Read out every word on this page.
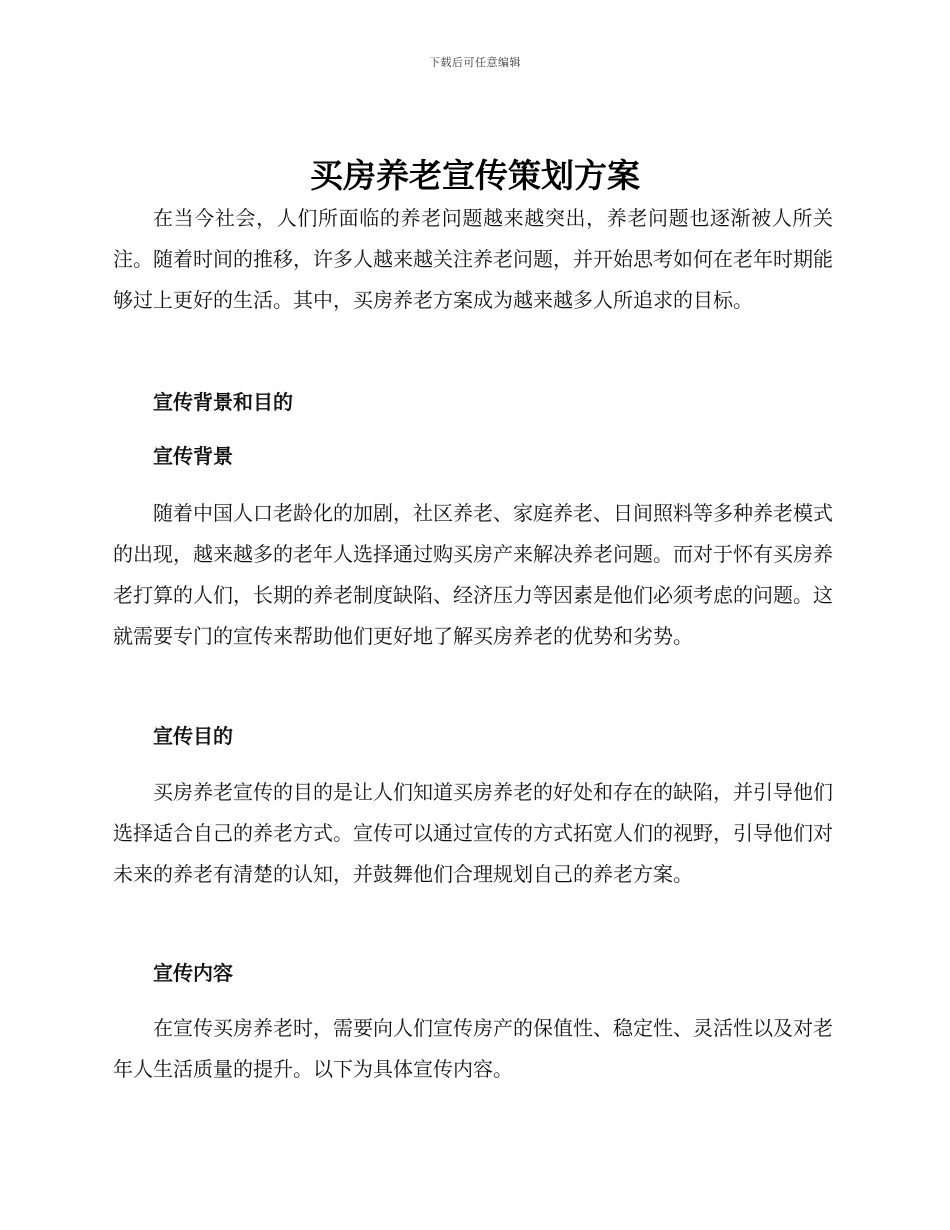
下载后可任意编辑
买房养老宣传策划方案

在当今社会，人们所面临的养老问题越来越突出，养老问题也逐渐被人所关注。随着时间的推移，许多人越来越关注养老问题，并开始思考如何在老年时期能够过上更好的生活。其中，买房养老方案成为越来越多人所追求的目标。

宣传背景和目的

宣传背景

随着中国人口老龄化的加剧，社区养老、家庭养老、日间照料等多种养老模式的出现，越来越多的老年人选择通过购买房产来解决养老问题。而对于怀有买房养老打算的人们，长期的养老制度缺陷、经济压力等因素是他们必须考虑的问题。这就需要专门的宣传来帮助他们更好地了解买房养老的优势和劣势。

宣传目的

买房养老宣传的目的是让人们知道买房养老的好处和存在的缺陷，并引导他们选择适合自己的养老方式。宣传可以通过宣传的方式拓宽人们的视野，引导他们对未来的养老有清楚的认知，并鼓舞他们合理规划自己的养老方案。

宣传内容

在宣传买房养老时，需要向人们宣传房产的保值性、稳定性、灵活性以及对老年人生活质量的提升。以下为具体宣传内容。
